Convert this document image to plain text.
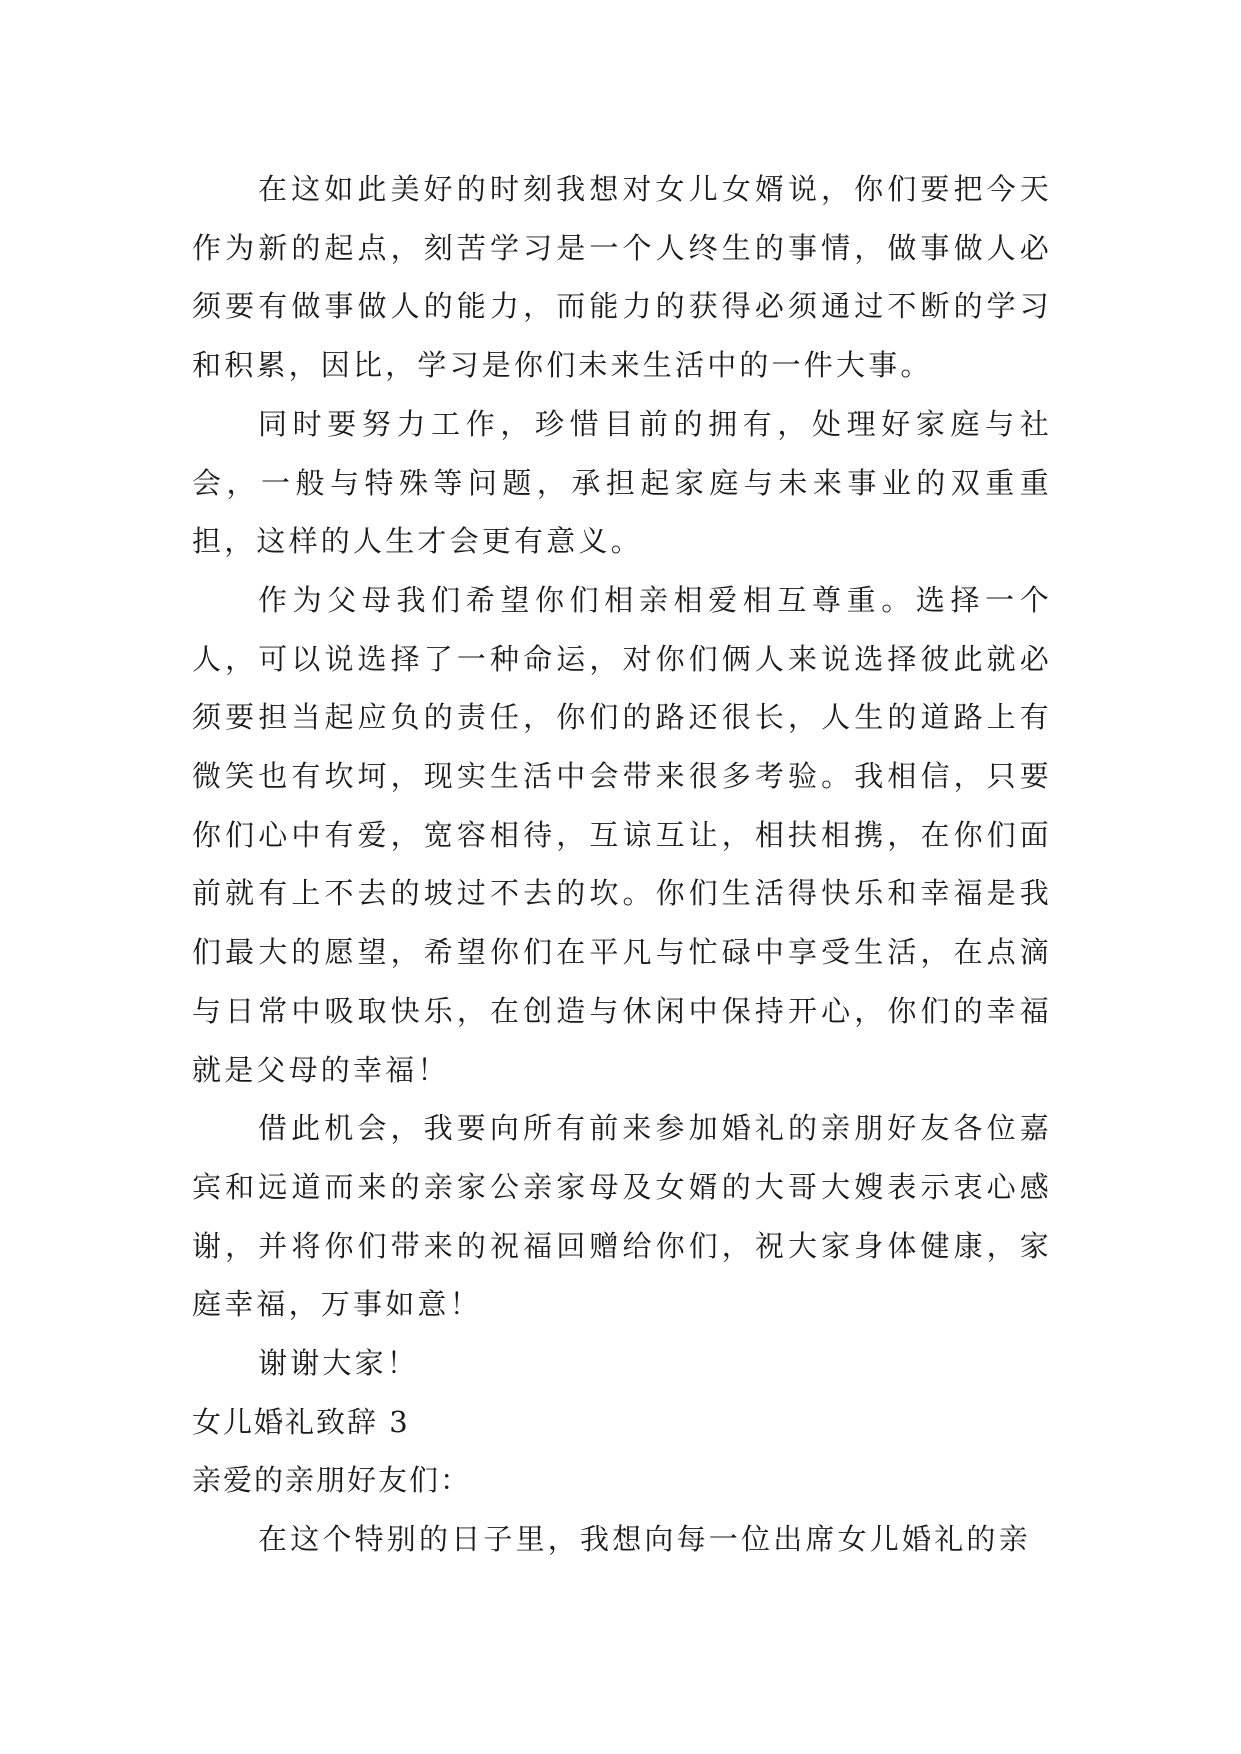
在这如此美好的时刻我想对女儿女婿说，你们要把今天作为新的起点，刻苦学习是一个人终生的事情，做事做人必须要有做事做人的能力，而能力的获得必须通过不断的学习和积累，因比，学习是你们未来生活中的一件大事。

同时要努力工作，珍惜目前的拥有，处理好家庭与社会，一般与特殊等问题，承担起家庭与未来事业的双重重担，这样的人生才会更有意义。

作为父母我们希望你们相亲相爱相互尊重。选择一个人，可以说选择了一种命运，对你们俩人来说选择彼此就必须要担当起应负的责任，你们的路还很长，人生的道路上有微笑也有坎坷，现实生活中会带来很多考验。我相信，只要你们心中有爱，宽容相待，互谅互让，相扶相携，在你们面前就有上不去的坡过不去的坎。你们生活得快乐和幸福是我们最大的愿望，希望你们在平凡与忙碌中享受生活，在点滴与日常中吸取快乐，在创造与休闲中保持开心，你们的幸福就是父母的幸福！

借此机会，我要向所有前来参加婚礼的亲朋好友各位嘉宾和远道而来的亲家公亲家母及女婿的大哥大嫂表示衷心感谢，并将你们带来的祝福回赠给你们，祝大家身体健康，家庭幸福，万事如意！

谢谢大家！

女儿婚礼致辞 3

亲爱的亲朋好友们：

在这个特别的日子里，我想向每一位出席女儿婚礼的亲
